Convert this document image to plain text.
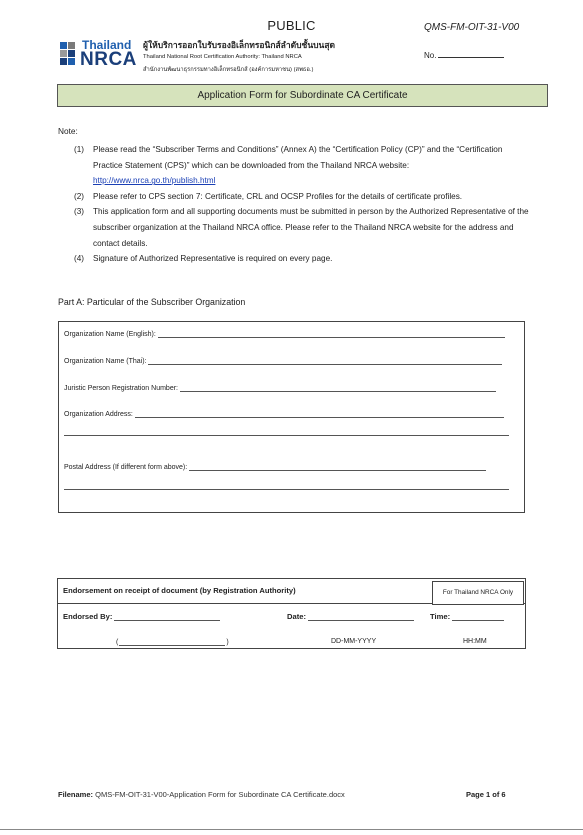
PUBLIC	QMS-FM-OIT-31-V00
No.
Thailand
NRCA
ผู้ให้บริการออกใบรับรองอิเล็กทรอนิกส์ลำดับชั้นบนสุด
Thailand National Root Certification Authority: Thailand NRCA
สำนักงานพัฒนาธุรกรรมทางอิเล็กทรอนิกส์ (องค์การมหาชน) (สพธอ.)
Application Form for Subordinate CA Certificate
Note:
(1) Please read the “Subscriber Terms and Conditions” (Annex A) the “Certification Policy (CP)” and the “Certification Practice Statement (CPS)” which can be downloaded from the Thailand NRCA website:
http://www.nrca.go.th/publish.html
(2) Please refer to CPS section 7: Certificate, CRL and OCSP Profiles for the details of certificate profiles.
(3) This application form and all supporting documents must be submitted in person by the Authorized Representative of the subscriber organization at the Thailand NRCA office. Please refer to the Thailand NRCA website for the address and contact details.
(4) Signature of Authorized Representative is required on every page.
Part A: Particular of the Subscriber Organization
Organization Name (English):
Organization Name (Thai):
Juristic Person Registration Number:
Organization Address:
Postal Address (If different form above):
Endorsement on receipt of document (by Registration Authority)	For Thailand NRCA Only
Endorsed By:	Date:	Time:
(	)	DD-MM-YYYY	HH:MM
Filename: QMS-FM-OIT-31-V00-Application Form for Subordinate CA Certificate.docx	Page 1 of 6
